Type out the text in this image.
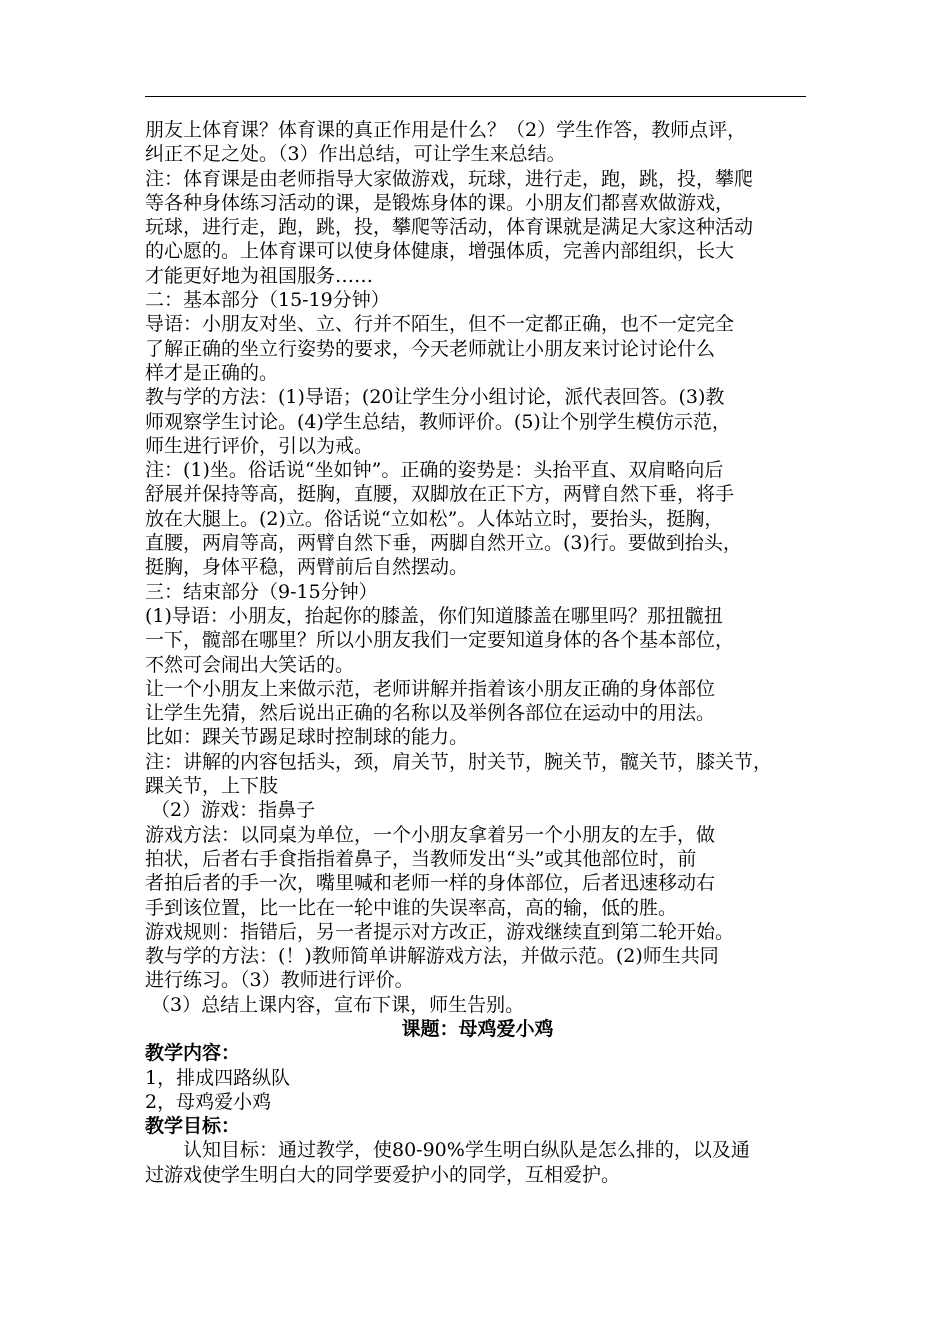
朋友上体育课？体育课的真正作用是什么？（2）学生作答，教师点评，
纠正不足之处。（3）作出总结，可让学生来总结。
注：体育课是由老师指导大家做游戏，玩球，进行走，跑，跳，投，攀爬
等各种身体练习活动的课，是锻炼身体的课。小朋友们都喜欢做游戏，
玩球，进行走，跑，跳，投，攀爬等活动，体育课就是满足大家这种活动
的心愿的。上体育课可以使身体健康，增强体质，完善内部组织，长大
才能更好地为祖国服务……
二：基本部分（15-19分钟）
导语：小朋友对坐、立、行并不陌生，但不一定都正确，也不一定完全
了解正确的坐立行姿势的要求，今天老师就让小朋友来讨论讨论什么
样才是正确的。
教与学的方法：(1)导语；(20让学生分小组讨论，派代表回答。(3)教
师观察学生讨论。(4)学生总结，教师评价。(5)让个别学生模仿示范，
师生进行评价，引以为戒。
注：(1)坐。俗话说“坐如钟”。正确的姿势是：头抬平直、双肩略向后
舒展并保持等高，挺胸，直腰，双脚放在正下方，两臂自然下垂，将手
放在大腿上。(2)立。俗话说“立如松”。人体站立时，要抬头，挺胸，
直腰，两肩等高，两臂自然下垂，两脚自然开立。(3)行。要做到抬头，
挺胸，身体平稳，两臂前后自然摆动。
三：结束部分（9-15分钟）
(1)导语：小朋友，抬起你的膝盖，你们知道膝盖在哪里吗？那扭髋扭
一下，髋部在哪里？所以小朋友我们一定要知道身体的各个基本部位，
不然可会闹出大笑话的。
让一个小朋友上来做示范，老师讲解并指着该小朋友正确的身体部位
让学生先猜，然后说出正确的名称以及举例各部位在运动中的用法。
比如：踝关节踢足球时控制球的能力。
注：讲解的内容包括头，颈，肩关节，肘关节，腕关节，髋关节，膝关节，
踝关节，上下肢
（2）游戏：指鼻子
游戏方法：以同桌为单位，一个小朋友拿着另一个小朋友的左手，做
拍状，后者右手食指指着鼻子，当教师发出“头”或其他部位时，前
者拍后者的手一次，嘴里喊和老师一样的身体部位，后者迅速移动右
手到该位置，比一比在一轮中谁的失误率高，高的输，低的胜。
游戏规则：指错后，另一者提示对方改正，游戏继续直到第二轮开始。
教与学的方法：(！)教师简单讲解游戏方法，并做示范。(2)师生共同
进行练习。（3）教师进行评价。
（3）总结上课内容，宣布下课，师生告别。
课题：母鸡爱小鸡
教学内容：
1，排成四路纵队
2，母鸡爱小鸡
教学目标：
认知目标：通过教学，使80-90%学生明白纵队是怎么排的，以及通
过游戏使学生明白大的同学要爱护小的同学，互相爱护。
